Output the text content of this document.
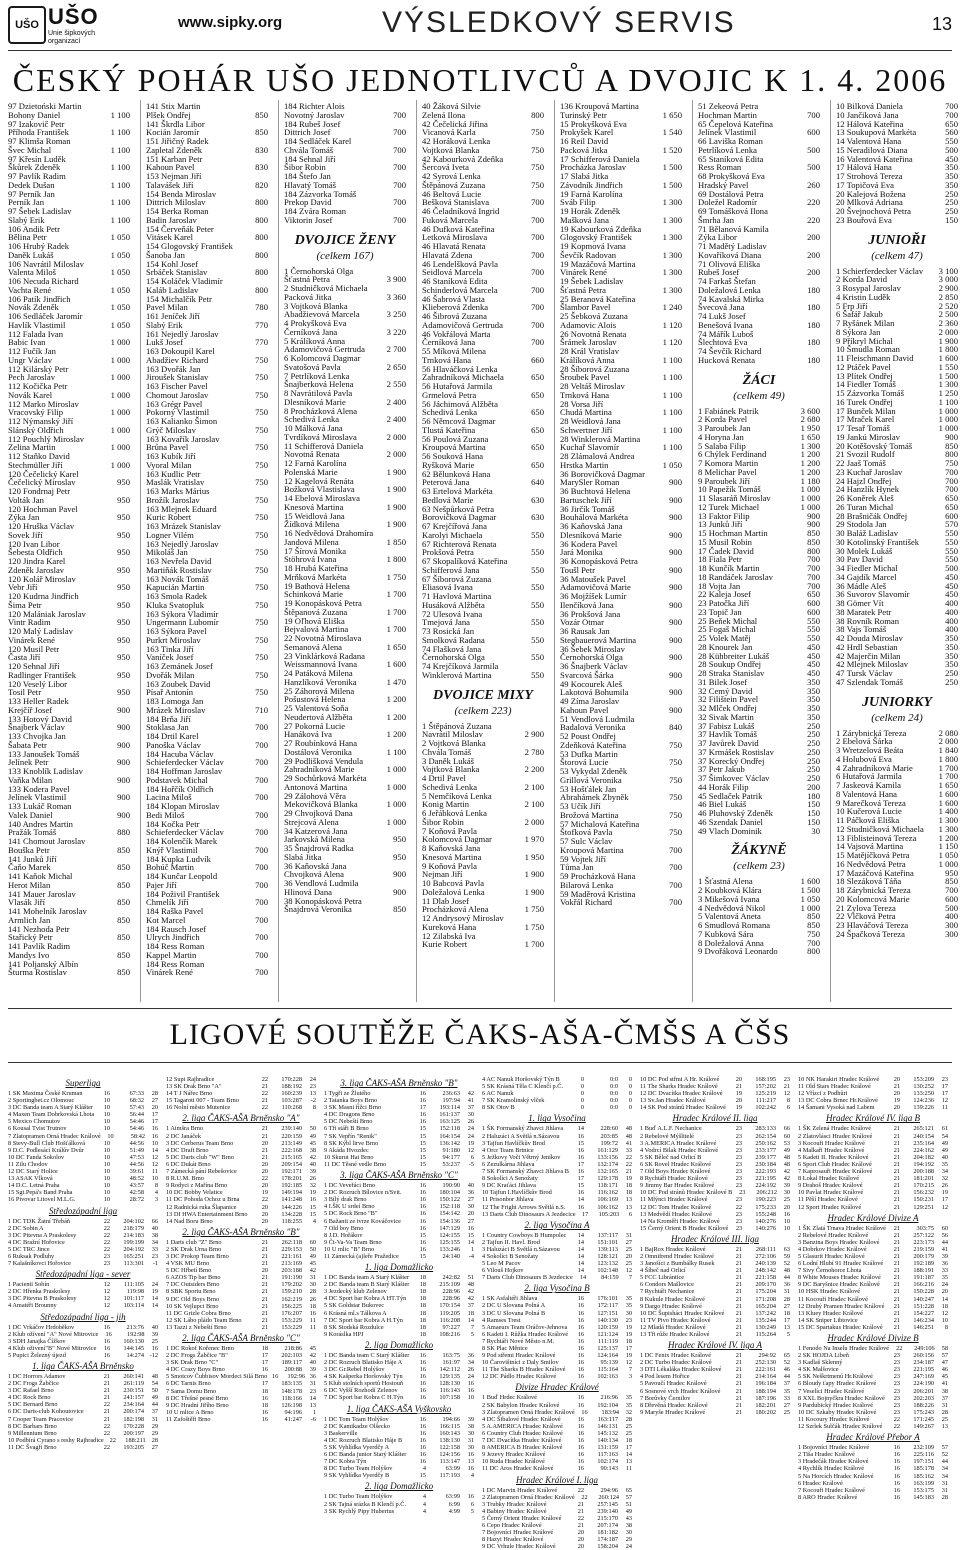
UŠO UŠO
Unie šipkových organizací
www.sipky.org	VÝSLEDKOVÝ SERVIS	13
ČESKÝ POHÁR UŠO JEDNOTLIVCŮ A DVOJIC K 1. 4. 2006
97 Dzietoński Martin
Bohony Daniel	1 100
97 Izakovič Petr
Příhoda František	1 100
97 Klimša Roman
Švec Michal	1 100
97 Křesín Luděk
Škůrek Zdeněk	1 100
97 Pavlík Radim
Dedek Dušan	1 100
97 Perník Jan
Perník Jan	1 100
97 Šebek Ladislav
Slabý Erik	1 100
106 Andik Petr
Bělina Petr	1 050
106 Hrubý Radek
Daněk Lukáš	1 050
106 Navrátil Miloslav
Valenta Miloš	1 050
106 Necuda Richard
Vachta René	1 050
106 Patík Jindřich
Novák Zdeněk	1 050
106 Sedláček Jaromír
Havlík Vlastimil	1 050
112 Falada Ivan
Babic Ivan	1 000
112 Fučík Jan
Ungr Václav	1 000
112 Kilárský Petr
Pech Jaroslav	1 000
112 Kočička Petr
Novák Karel	1 000
112 Marko Miroslav
Vracovský Filip	1 000
112 Nýmanský Jiří
Slánský Oldřich	1 000
112 Pouchlý Miroslav
Zelina Martin	1 000
112 Staňko David
Stechmüller Jiří	1 000
120 Čečelický Karel
Čečelický Miroslav	950
120 Fondrnaj Petr
Volták Jan	950
120 Hochman Pavel
Zýka Jan	950
120 Hruška Václav
Sovek Jiří	950
120 Ivan Libor
Šebesta Oldřich	950
120 Jindra Karel
Zdeněk Jaroslav	950
120 Kolář Miroslav
Vebr Jiří	950
120 Kudrna Jindřich
Šima Petr	950
120 Malániak Jaroslav
Vintr Radim	950
120 Malý Ladislav
Vinárek René	950
120 Musil Petr
Časta Jiří	950
120 Sehnal Jiří
Radlinger František	950
120 Veselý Libor
Tosil Petr	950
133 Heller Radek
Krejčíř Josef	900
133 Hotový David
Šnajberk Václav	900
133 Chvojka Jan
Šabata Petr	900
133 Janoušek Tomáš
Jelínek Petr	900
133 Knoblík Ladislav
Vaňka Milan	900
133 Kodera Pavel
Jelínek Vlastimil	900
133 Lukáč Roman
Valek Daniel	900
140 Andres Martin
Pražák Tomáš	880
141 Chomout Jaroslav
Bouška Petr	850
141 Junků Jiří
Čaňo Marek	850
141 Kaňok Michal
Herot Milan	850
141 Mauer Jaroslav
Vlasák Jiří	850
141 Mohelník Jaroslav
Armlich Jan	850
141 Nezhoda Petr
Stařický Petr	850
141 Pavlík Radim
Mandys Ivo	850
141 Poljanský Albín
Šturma Rostislav	850
141 Stix Martin
Plšek Ondřej	850
141 Škrdla Libor
Kocián Jaromír	850
151 Jiřičný Radek
Zapletal Zdeněk	830
151 Karban Petr
Kahoun Pavel	830
153 Nejman Jiří
Talavášek Jiří	820
154 Benda Miroslav
Dittrich Miloslav	800
154 Berka Roman
Badin Jaroslav	800
154 Červeňák Peter
Vitásek Karel	800
154 Glogovský František
Šanoba Jan	800
154 Kohl Josef
Srbáček Stanislav	800
154 Koláček Vladimír
Kaláb Ladislav	800
154 Michalčík Petr
Pavel Milan	780
161 Jeníček Jiří
Slabý Erik	770
161 Nejedlý Jaroslav
Lukš Josef	770
163 Dokoupil Karel
Abadžiev Richard	750
163 Dvořák Jan
Jiroušek Stanislav	750
163 Fischer Pavel
Chomout Jaroslav	750
163 Grégr Pavel
Pokorný Vlastimil	750
163 Kalianko Šimon
Grýč Miloslav	750
163 Kovařík Jaroslav
Brůna Pavel	750
163 Kubík Jiří
Vyoral Milan	750
163 Kudlic Petr
Maslák Vratislav	750
163 Marks Márius
Brožík Jaroslav	750
163 Mlejnek Eduard
Kuric Robert	750
163 Mrázek Stanislav
Logner Vilém	750
163 Nejedlý Jaroslav
Mikoláš Jan	750
163 Nevřela David
Martiňák Rostislav	750
163 Novák Tomáš
Kapucián Martin	750
163 Smola Radek
Kluka Svatopluk	750
163 Sýkora Vladimír
Ungermann Lubomír	750
163 Sýkora Pavel
Purkrt Miroslav	750
163 Tinka Jiří
Vaníček Josef	750
163 Zemánek Josef
Dvořák Milan	750
163 Zoubek David
Písař Antonín	750
183 Lomoga Jan
Mrázek Miroslav	710
184 Brňa Jiří
Stoklasa Jan	700
184 Drtil Karel
Panoška Václav	700
184 Hacuba Václav
Schieferdecker Václav	700
184 Hoffman Jaroslav
Podstavek Michal	700
184 Hořčík Oldřich
Lacina Miloš	700
184 Klopan Miroslav
Bedi Miloš	700
184 Kočka Petr
Schieferdecker Václav	700
184 Kolenčík Marek
Knýř Vlastimil	700
184 Kupka Ludvík
Bohúč Martin	700
184 Kunčar Leopold
Pajer Jiří	700
184 Poživil František
Chmelík Jiří	700
184 Raška Pavel
Kot Marcel	700
184 Rausch Josef
Ulrych Jindřich	700
184 Ress Roman
Kappel Martin	700
184 Ress Roman
Vinárek René	700
184 Richter Alois
Novotný Jaroslav	700
184 Rubeš Josef
Dittrich Josef	700
184 Sedláček Karel
Chvála Tomáš	700
184 Sehnal Jiří
Šibor Robin	700
184 Štefo Jan
Hlavatý Tomáš	700
184 Zázvorka Tomáš
Prekop David	700
184 Zvára Roman
Viktorin Josef	700
DVOJICE ŽENY
(celkem 167)
1 Černohorská Olga
Šťastná Petra	3 900
2 Studničková Michaela
Packová Jitka	3 360
3 Vojtková Blanka
Abadžievová Marcela	3 250
4 Prokyšková Eva
Černíková Jana	3 220
5 Králíková Anna
Adamovičová Gertruda	2 700
6 Kolomcová Dagmar
Svatošová Pavla	2 650
7 Petrlíková Lenka
Šnajberková Helena	2 550
8 Navrátilová Pavla
Dlesníková Marie	2 400
8 Procházková Alena
Schedivá Lenka	2 400
10 Málková Jana
Tvrdíková Miroslava	2 000
11 Schifferová Daniela
Novotná Renata	2 000
12 Farná Karolína
Polenská Marie	1 900
12 Kagelová Renáta
Božková Vlastislava	1 900
14 Ebelová Miroslava
Knesová Martina	1 900
15 Weidlová Jana
Žídková Milena	1 900
16 Nedvědová Drahomíra
Jandová Milena	1 850
17 Šírová Monika
Stöhrová Ivana	1 800
18 Hrubá Kateřina
Mrňková Markéta	1 750
19 Bathová Helena
Schinková Marie	1 700
19 Konopásková Petra
Štěpanová Zuzana	1 700
19 Oľhová Eliška
Bejvalová Martina	1 700
22 Novotná Miroslava
Semanová Alena	1 650
23 Vinklárková Radana
Weissmannová Ivana	1 600
24 Patáková Milena
Hanzlíková Veronika	1 470
25 Záhorová Milena
Pošustová Helena	1 200
25 Valentová Soňa
Neudertová Alžběta	1 200
27 Pokorná Lucie
Hanáková Iva	1 200
27 Roubínková Hana
Dostálová Veronika	1 100
29 Podlišková Vendula
Zahradníková Marie	1 000
29 Sochůrková Markéta
Antonová Martina	1 000
29 Zálohová Věra
Mekovičková Blanka	1 000
29 Chvojková Dana
Strejcová Alena	1 000
34 Katzerová Jana
Jarkovská Milena	950
35 Šnajdrová Radka
Slabá Jitka	950
36 Kaňovská Jana
Chvojková Alena	900
36 Vendlová Ludmila
Hlinová Dana	900
38 Konopásková Petra
Šnajdrová Veronika	850
40 Žáková Silvie
Zelená Ilona	800
42 Čečelická Jiřina
Vicanová Karla	750
42 Horáková Lenka
Vojtková Blanka	750
42 Kabourková Zdeňka
Šercová Iveta	750
42 Syrová Lenka
Štěpánová Zuzana	750
46 Beltová Lucie
Bešková Stanislava	700
46 Čeladníková Ingrid
Fuková Marcela	700
46 Dufková Kateřina
Letková Miroslava	700
46 Hlavatá Renata
Hlavatá Zdena	700
46 Lendelšková Pavla
Seidlová Marcela	700
46 Staníková Edita
Schinderlová Marcela	700
46 Šabrová Vlasta
Klieberová Zdenka	700
46 Šibrová Zuzana
Adamovičová Gertruda	700
46 Vokřálová Marta
Černíková Jana	700
55 Míková Milena
Trnková Hana	660
56 Hlaváčková Lenka
Zahradníková Michaela	650
56 Hutařová Jarmila
Grmelová Petra	650
56 Jáchimová Alžběta
Schedivá Lenka	650
56 Němcová Dagmar
Tlustá Kateřina	650
56 Poulová Zuzana
Kroupová Martina	650
56 Souková Hana
Ryšková Marie	650
62 Bělunková Hana
Peterová Jana	640
63 Ertelová Markéta
Bedlová Marie	630
63 Nešpůrková Petra
Borovičková Dagmar	630
67 Krejčířová Jana
Karolyi Michaela	550
67 Richterová Renata
Prokšová Petra	550
67 Skopalíková Kateřina
Schifferová Jana	550
67 Šíborová Zuzana
Eliasová Ivana	550
71 Havlová Martina
Husáková Alžběta	550
72 Ulesová Ivana
Tmejová Jana	550
73 Rosická Jan
Smolková Radana	550
74 Flašková Jana
Černohorská Olga	550
74 Krejčíková Jarmila
Winklerová Martina	550
DVOJICE MIXY
(celkem 223)
1 Štěpánová Zuzana
Navrátil Miloslav	2 900
2 Vojtková Blanka
Chvála Tomáš	2 780
3 Daněk Lukáš
Vojtková Blanka	2 200
4 Drtil Pavel
Schedivá Lenka	2 100
5 Nemčíková Lenka
Konig Martin	2 100
6 Jeřábková Lenka
Šibor Robin	2 000
7 Koňová Pavla
Kolomcová Dagmar	1 970
8 Kaňovská Jana
Knesová Martina	1 950
9 Koňová Pavla
Nejman Jiří	1 900
10 Babcová Pavla
Doležalová Lenka	1 900
11 Dlab Josef
Procházková Alena	1 750
12 Andrysový Miroslav
Kureková Hana	1 750
12 Zilabská Iva
Kurie Robert	1 700
136 Kroupová Martina
Turinský Petr	1 650
15 Prokyšková Eva
Prokyšek Karel	1 540
16 Reil David
Packová Jitka	1 520
17 Schifferová Daniela
Procházka Jaroslav	1 500
17 Slabá Jitka
Závodník Jindřich	1 500
19 Farná Karolína
Sváb Filip	1 300
19 Horák Zdeněk
Mašková Jana	1 300
19 Kabourková Zdeňka
Glogovský František	1 300
19 Kopmová Ivana
Ševčík Radovan	1 300
19 Mazáčová Martina
Vinárek René	1 300
19 Šebek Ladislav
Šťastná Petra	1 300
25 Beranová Kateřina
Šlambor Pavel	1 240
25 Šebková Zuzana
Adamovic Alois	1 120
26 Novotná Renata
Šrámek Jaroslav	1 120
28 Král Vratislav
Králíková Anna	1 100
28 Šíborová Zuzana
Šroubek Pavel	1 100
28 Veltáš Miroslav
Trnková Hana	1 100
28 Vorsa Jiří
Chudá Martina	1 100
28 Weidlová Jana
Schwertner Jiří	1 100
28 Winklerová Martina
Kuchař Slavomír	1 100
28 Zlámalová Andrea
Hrstka Martin	1 050
36 Borovičková Dagmar
MarySler Roman	900
36 Buchtová Helena
Bartuschek Jiří	900
36 Jirčík Tomáš
Bouhálová Markéta	900
36 Kaňovská Jana
Dlesníková Marie	900
36 Kodera Pavel
Jará Monika	900
36 Konopásková Petra
Toušl Petr	900
36 Matoušek Pavel
Adamovičová Marie	900
36 Mojžíšek Lumír
Ilenčíková Jana	900
36 Prokšová Jana
Vozár Otmar	900
36 Rausak Jan
Stegbauerová Martina	900
36 Šebek Miroslav
Černohorská Olga	900
36 Šnajberk Václav
Svarcová Šárka	900
49 Kocourek Aleš
Lakotová Bohumila	900
49 Zíma Jaroslav
Kahoun Pavel	900
51 Vendlová Ludmila
Badalová Veronika	840
52 Poust Ondřej
Zdeňková Kateřina	750
53 Dufka Martin
Štorová Lucie	750
53 Vykydal Zdeněk
Grillová Veronika	750
53 Hošťálek Jan
Abrahámek Zbyněk	750
53 Učík Jiří
Brožová Martina	750
57 Michalová Kateřina
Štofková Pavla	750
57 Sulc Václav
Kroupová Martina	700
59 Vojtek Jiří
Tůma Jan	700
59 Procházková Hana
Bilarová Lenka	700
59 Maděrová Kristina
Vokřál Richard	700
51 Zekeová Petra
Hochman Martin	700
65 Čepelová Kateřina
Jelínek Vlastimil	600
66 Laviška Roman
Petrlíková Lenka	500
65 Staníková Edita
Ress Roman	500
68 Prokyšková Eva
Hradský Pavel	260
69 Dostálová Petra
Doležel Radomír	220
69 Tomášková Ilona
Šmrha Jan	220
71 Bělanová Kamila
Zýka Libor	200
71 Madětý Ladislav
Kovaříková Diana	200
71 Olivová Eliška
Rubeš Josef	200
74 Farkaš Štefan
Doležalová Lenka	180
74 Kavalská Mirka
Švecová Jana	180
74 Lukš Josef
Benešová Ivana	180
74 Mářík Luboš
Šlechtová Eva	180
74 Ševčík Richard
Hucková Renata	180
ŽÁCI
(celkem 49)
1 Fabiánek Patrik	3 600
2 Korda Pavel	2 680
3 Paroubek Jan	1 950
4 Horyna Jan	1 650
5 Salaba Filip	1 300
6 Chýlek Ferdinand	1 200
7 Komora Martin	1 200
8 Melichar Pavel	1 200
9 Paroubek Jiří	1 180
10 Papežík Tomáš	1 000
11 Slasaráň Miroslav	1 000
12 Turek Michael	1 000
13 Faktor Filip	900
13 Junků Jiří	900
15 Hochman Martin	850
15 Musil Robin	850
17 Čadek David	800
18 Fiala Petr	700
18 Kunčík Martin	700
18 Randáček Jaroslav	700
18 Vojta Jan	700
22 Kaleja Josef	650
23 Patočka Jiří	600
23 Topič Jan	600
25 Beňek Michal	550
25 Fogaš Michal	550
25 Volek Matěj	550
28 Knourek Jan	450
28 Kühbreiter Lukáš	450
28 Soukup Ondřej	450
28 Straka Stanislav	450
31 Bilek Josef	350
32 Cemý David	350
32 Filištein Pavel	350
32 Mlček Ondřej	350
32 Sivak Martin	350
37 Fabisz Lukáš	250
37 Havlík Tomáš	250
37 Javůrek David	250
37 Krmášek Rostislav	250
37 Korecký Ondřej	250
37 Petr Jakub	250
37 Šimkovec Václav	250
44 Horák Filip	200
45 Sedlaček Patrik	180
46 Biel Lukáš	150
46 Pluhovský Zdeněk	150
46 Szendak Daniel	150
49 Vlach Dominik	30
ŽÁKYNĚ
(celkem 23)
1 Šťastná Alena	1 600
2 Koubková Klára	1 500
3 Mikešová Ivana	1 050
4 Nedvědová Nikol	1 000
5 Valentová Aneta	850
6 Smudlová Romana	850
7 Kubková Sára	750
8 Doležalová Anna	700
9 Dvořáková Leonardo	800
10 Bilková Daniela	700
10 Jančiková Jana	700
12 Hálová Kateřina	650
13 Soukupová Markéta	560
14 Valentová Hana	550
15 Neradilová Diana	500
16 Valentová Kateřina	450
17 Hálová Hana	350
17 Strohová Tereza	350
17 Topičová Eva	350
20 Kalejová Božena	250
20 Mlková Adriana	250
20 Švejnochová Petra	250
23 Bouřová Eva	150
JUNIOŘI
(celkem 47)
1 Schierferdecker Václav 3 100
2 Korda David	3 000
3 Rosypal Jaroslav	2 900
4 Kristin Luděk	2 850
5 Frp Jiří	2 520
6 Šafář Jakub	2 500
7 Ryšánek Milan	2 360
8 Sýkora Jan	2 000
9 Příkryl Michal	1 900
10 Šmudla Roman	1 800
11 Fleischmann David	1 600
12 Ptáček Pavel	1 550
13 Plítek Ondřej	1 500
14 Fiedler Tomáš	1 300
15 Zázvorka Tomáš	1 250
16 Turek Ondřej	1 100
17 Bunček Milan	1 000
17 Mraček Karel	1 000
17 Tesař Tomáš	1 000
19 Jankú Miroslav	900
20 Kotěšovský Tomáš	850
21 Svozil Rudolf	800
22 Jaaš Tomáš	750
23 Kuchař Jaroslav	700
24 Hajzl Ondřej	700
24 Hanzlík Hynek	700
26 Koněrek Aleš	650
26 Turan Michal	650
28 Brašničák Ondřej	600
29 Stodola Jan	570
30 Baláž Ladislav	550
30 Kotolinský František	550
30 Molek Lukáš	550
30 Pav David	550
34 Fiedler Michal	500
34 Gajdík Marcel	450
36 Mádle Aleš	450
36 Suvorov Slavomír	450
38 Gömer Vít	400
38 Maratek Petr	400
38 Rovník Roman	400
38 Vajs Tomáš	400
42 Douda Miroslav	350
42 Hrdl Sebastian	350
42 Majerčin Milan	350
42 Mlejnek Miloslav	350
47 Tursk Václav	250
47 Szlendak Tomáš	250
JUNIORKY
(celkem 24)
1 Zárybnická Tereza	2 080
2 Ebelová Šárka	2 000
3 Wretzelová Beáta	1 840
4 Holubová Eva	1 800
4 Zahradníková Marie	1 700
6 Hutařová Jarmila	1 700
7 Jaskeová Kamila	1 650
8 Valentová Hana	1 600
9 Marečková Tereza	1 600
10 Kučerová Lucie	1 400
11 Páčková Eliška	1 300
12 Studničková Michaela 1 300
13 Fiblisteinová Tereza	1 200
14 Vajsová Martina	1 150
15 Matějíčková Petra	1 050
16 Nedvědová Petra	1 000
17 Mazáčová Kateřina	950
18 Slezáková Táňa	850
18 Zárybnická Tereza	700
20 Kolomcová Marie	600
21 Zylova Tereza	500
22 Vlčková Petra	400
23 Hlaváčová Tereza	300
24 Špačková Tereza	300
LIGOVÉ SOUTĚŽE ČAKS-AŠA-ČMŠS A ČŠS
Superliga
1 SK Maxima České Kruman	16	67:33	28
2 Sportingbet.cz Olomouc	10	68:32	27
3 DC Banda team A Starý Klášter	10	57:43	20
4 Maxen Team Dobrkovská Lhota	10	56:44	17
5 Mexico Chomutov	10	54:46	17
6 Kousal Tvist Trutnov	10	54:46	16
7 Zlatopramen Orná Hradec Králové	10	58:42	16
8 Stevy-Bull Club Hošťálková	10	44:56	10
9 D.C. Podlesácí Králův Dvůr	10	51:49	14
10 DC Fanda Sokolov	10	47:53	12
11 Zilu Chodov	10	44:56	12
12 DC Starý Holice	10	39:61	11
13 ASAK Vlková	10	48:52	10
14 D.C. Letná Praha	10	43:57	8
15 Sgt.Pepá's Band Praha	10	42:58	4
16 Pivovar Litovel M.L.G.	10	28:72	3
Středozápadní liga
1 DC TDK Žatní Třebáň	22	204:102	66
2 DC Sobin A	22	218:179	40
3 DC Pitevna A Praskolesy	22	214:183	38
4 DC Bražní Hořovice	22	199:199	34
5 DC TRC Jince	22	204:192	33
6 Ruksak Podluhy	23	165:251	23
7 Kalašníkovci Hořovice	23	113:301	-1
Středozápadní liga - sever
1 Pacienti Sobín	12	111:105	24
2 DC Hřenka Praskolesy	12	119:98	19
3 DC Pitevna B Praskolesy	12	101:117	14
4 Amatéři Brounny	12	103:114	14
Středozápadní liga - jih
1 DC Vrkáčov Hrdoběkov	16	213:76	40
2 Klub ožívení "A" Nové Mitrovice	16	192:98	39
3 SDH Janajka Čížkov	16	160:130	25
4 Klub oživení"B" Nové Mitrovice	16	144:145	16
5 Pupici Železný újezd	16	14:274 -12
1. liga ČAKS-AŠA Brněnsko
1 DC Horrors Adamov	21	260:141	48
2 DC Frogs Žabčice	21	261:119	54
3 DC Rafael Brno	21	230:151	50
4 DC Rock Brno	21	241:157	49
5 DC Bernard Brno	22	234:164	44
6 DC Darts-club Kohoutovice	21	200:174	37
7 Cooper Team Pracovice	21	182:198	31
8 DC Barbars Brno	22	170:228	29
9 Millennium Brno	22	200:197	29
10 Podbírá Cyrano s reshy Rajhradice 22	188:211 28
11 DC Švagři Brno	22	193:205	27
12 Supi Rajhradice	22	170:228	24
13 SK Drak Brno "A"	21	188:192	23
14 T J Nářec Brno	22	160:239	13
15 Tagaroti 007 - Team Brno	21	103:287	-2
16 Nolní město Mutenice	22	110:268	8
2. liga ČAKS-AŠA Brněnsko "A"
1 Aimšra Brno	21	239:140	50
2 DC Janáček	21	220:159	49
3 DC Cerberus Team Brno	20	213:149	45
4 DC Draft Brno	21	222:168	38
5 DC Darts club "W" Brno	21	215:165	42
6 DC Dukát Brno	20	209:154	40
7 Zámecká pání Rebešovice	20	192:171	39
8 R.U.M. Brno	22	178:201	26
9 Rodyci z Mařína Brno	20	192:185	32
10 DC Bobby Velatice	19	149:194	19
11 DC Pohoda Ochoz u Brna	22	141:248	16
12 Radnická ruka Šlapanice	20	144:226	15
13 DI HWA Entertainment Brno	20	134:228	15
14 Nad Boru Brno	20	118:255	4
2. liga ČAKS-AŠA Brněnsko "B"
1 Darts club "Z" Brno	21	262:118	60
2 SK Drak Urna Brno	21	229:153	50
3 DC Prokop Team Brno	21	221:161	49
4 VSK MU Brno	21	213:169	45
5 DC Hřbetí Brno	20	203:188	42
6 AZOS Tip bar Brno	21	191:190	31
7 DC Outsiders Brno	21	179:202	30
8 SBK Sportu Brno	21	159:210	28
9 DC Old Boys Brno	21	162:219	26
10 SK Vejlupci Brno	21	156:225	18
11 DC Grizle Cobra Brno	21	176:207	16
12 SK Lábo pládo Team Brno	21	153:229	11
13 Tazzi z Nebeští Brno	21	153:229	11
2. liga ČAKS-AŠA Brněnsko "C"
1 DC Rokof Kořenec Brno	18	218:86	45
2 DC Frogs Žabčice "B"	17	202:103	42
3 SK Drak Brno "C"	17	189:117	40
4 DC Crazy Boys Brno	16	200:88	39
5 Smotcov Čubbisov Mordeci Silá Brno 16	192:96 36
6 DC Tarnis Brno	17	183:135	31
7 Sama Domu Brno	18	148:178	23
8 DC Třešné pesné Brno	16	118:166	14
9 DC Hradní Jiřího Brno	18	126:198	13
10 U mlice A Brno	16	94:196	1
11 Zafoštěři Brno	16	41:247	-6
3. liga ČAKS-AŠA Brněnsko "B"
1 Tygři ze Žlutého	16	236:63	42
2 Tatanka Boys Brno	16	197:94	41
3 SK Masni řížci Brno	17	193:114	37
4 DC Dragons Brno	16	161:137	30
5 DC Nebeští Brno	16	163:125	26
6 Tři stáři B Brno	15	152:118	24
7 SK Vepřín "Renik"	15	164:154	24
8 SK Kýbl lirve Brno	15	136:142	19
9 Akáda Hvozdec	15	91:180	12
10 Skurut Hai Brno	15	94:177	6
11 DC Těsné vedle Brno	15	53:237	-5
3. liga ČAKS-AŠA Brněnsko "C"
1 DC Veveřáci Brno	16	190:90	40
2 DC Rozruch Bílovice n/Svit.	16	180:104	36
3 Bílý drak Brno	16	150:122	27
4 I.ŠK U srdeí Brno	16	152:118	30
5 DC Rock Brno "B"	16	154:142	20
6 Bažanti ze tvrze Kováčovice	16	154:136	27
7 Old boy Brno	16	147:129	16
8 J.D. Hořákov	15	124:155	15
9 Čt-Va-Va Team Brno	16	125:155	14
10 U mlic "B" Brno	16	133:246	1
11 Zámecká (a)leře Pražedice	15	24:140	-4
1. liga Domažlicko
1 DC Banda team A Starý Klášter	18	242:82	51
2 DC Banda team B Starý Klášter	18	215:109	48
3 Jezdecký klub Zelenov	18	228:96	42
4 DC Sport bar Kobra A HT.Týn	18	228:96	42
5 SK Goldstar Bukovec	18	170:154	37
6 Krásná ml.s Tálkova A	18	119:205	18
7 DC Sport bar Kobra A H.Týn	18	116:208	14
8 SK Stodská Rozdulce	18	97:227	7
9 Koráslka HPJ	18	108:216	5
2. liga Domažlicko
1 DC Banda team C Starý Klášter	16	163:75	36
2 DC Rozruch Blatisko Háje A	16	161:97	34
3 DC Gr.Rebel Holýšov	16	142:112	26
4 SK Kašperka Horšovský Týn	16	129:135	24
5 Klub stolních sportů Hostouň	16	128:130	16
6 DC Vyšší Rozhodí Zelenov	16	116:143	16
7 DC Sport bar Kobra C H.Týn	16	107:158	10
1. liga ČAKS-AŠA Vyškovsko
1 DC Tom Team Holýšov	16	194:66	39
2 DC Kamikadze Olšecko	16	166:115	38
3 Baskerville	16	160:143	30
4 DC Rozruch Blatisko Háje B	16	138:130	31
5 SK Vyhlídka Vyerdčy A	16	122:158	30
6 DC Banda junior Starý Klášter	16	124:156	16
7 DC Kobra Týn	16	113:147	13
8 DC Turbo Team Holýšov	4	63:99	16
9 SK Vyhlídka Vyerdčy B	15	117:193	4
2. liga Domažlicko
1 DC Turbo Team Holýšov	4	63:99	16
2 SK Tajná srázka B Klenčí p.Č.	4	6:99	6
3 SK Rychlý Pipy Hubertus	4	4:99	5
4 AC Nanuk Horšovský Týn B	0	0:0	0
5 SK Krásná Těla C Klenčí p.Č.	0	0:0	0
6 AC Nanuk	0	0:0	0
7 SK Kramolinský vlček	0	0:0	0
8 SK Otov B	0	0:0	0
1. liga Vysočina
1 ŠK Formanský Zhavci Jihlava	14	228:60	48
2 Haluzáci A Světlá n.Sázavou	16	203:85	48
3 Tajfun Havlíčkův Brod	15	199:72	41
4 Orcr Team Brtnice	16	161:129	33
5 Ježkovy Voči Větrný Jeníkov	16	133:156	22
6 Zezulkárna Jihlava	17	132:174	22
7 SK Formanský Zhavci Jihlava B	16	132:165	21
8 Sokolíci A Senožaty	17	129:178	19
9 DC Kraťáci Jihlava	15	118:171	18
10 Tajfun I.Havlíčkův Brod	16	116:162	18
11 Prisonbor Jihlava	14	106:169	13
12 The Fright Arrows Světlá n.S.	16	106:162	13
13 Darts Club Dinosaurs A Jezdecice	17	105:203	6
2. liga Vysočina A
1 Country Cowboys B Humpolec	14	137:117	31
2 Tajfun II. Havl. Brod	14	151:101	27
3 Haluzáci B Světlá n.Sázavou	14	139:113	25
4 Sokolíci B Senožaty	14	128:121	20
5 Leo M Pacov	14	123:132	25
6 Vilouš Hojkov	14	102:148	12
7 Darts Club Dinosaurs B Jezdecice	14	84:159	7
2. liga Vysočina B
1 SK Asfaltéři Jihlava	16	176:101	35
2 DC U Slovana Polná A	16	172:117	35
3 DC U Slovana Polná B	16	127:151	30
4 Ramses Trest	16	140:130	23
5 Amaeurs Team Oráčov-Jehnova	16	120:159	19
6 Kadeti I. Růžka Hradec Králové	16	121:124	19
7 Rychtáři Nové Město n.M.	16	111:119	18
8 SK Plac Měnice	16	125:137	17
9 Pod střemi Hradec Králové	16	124:164	19
10 Čarovištníci z Daly Smilov	16	95:139	12
11 The Sharks B Hradec Králové	16	115:164	7
12 DC Pádlo Hradec Králové	16	102:163	3
Divize Hradec Králové
1 Buď Hrdec Králové	16	216:96	35
2 SK Babylon Hradec Králové	16	192:104	35
3 Zlatopramen Orná Hradec Králové	16	183:94	32
4 DC Šibalové Hradec Králové	16	163:117	28
5 A.AMERICA Hradec Králové	16	146:131	25
6 Country Club Hradec Králové	16	145:132	25
7 DC Dvacítka Hradec Králové	16	140:134	18
8 AMERICA B Hradec Králové	16	131:159	17
9 Jezevy Hradec Králové	16	117:163	14
10 Ruda Hradec Králové	16	102:174	13
11 DC Aros Hradec Králové	16	90:143	11
Hradec Králové I. liga
1 DC Marvin Hradec Králové	22	294:96	65
2 Zlatopramen Orná Hradec Králové	22	260:124	57
3 Trubky Hradec Králové	21	257:145	51
4 Babiny Hradec Králové	21	239:140	49
5 Černý Orient Hradec Králové	22	215:170	43
6 Cepo Hradec Králové	21	207:174	38
7 Bojovníci Hradec Králové	20	181:182	30
8 Hazyi Hradec Králové	20	174:187	29
9 DC Vrhule Hradec Králové	20	158:204	24
10 DC Pod střmi A Hr. Králové	20	168:195	23
11 The Sharks Hradec Králové	21	157:202	21
12 DC Dvacítka Hradec Králové	19	125:219	12
13 Sv.Jan Hradec Králové	20	111:217	8
14 SK Pod stránů Hradec Králové	19	102:242	6
Hradec Králové II. liga
1 Buď A.L.F. Nechanice	23	283:133	66
2 Rebelové Mýšlitelé	23	262:154	60
3 A.MERICA Hradec Králové	23	250:162	53
4 Vodrcí Bilak Hradec Králové	23	233:177	49
5 SK Běleč nad Orlicí B	23	239:177	48
6 SK Rovel Hradec Králové	23	230:184	48
7 Old Boys Hradec Králové	23	222:193	42
8 Rychtáři Hradec Králové	23	221:195	42
9 Jimmy Bar Hradec Králové	23	224:192	39
10 DC Pod stránů Hradec Králové B	23	206:212	30
11 Mlýnci Hradec Králové	23	190:223	25
12 DC Tom Hradec Králové	22	175:233	20
13 Medvědí Hradec Králové	23	155:248	16
14 Na Kroměři Hradec Králové	23	140:276	10
15 Černý Orient B Hradec Králové	23	140:276	10
Hradec Králové III. liga
1 BajRox Hradec Králové	21	268:111	63
2 Omnifrend Hradec Králové	21	272:106	59
3 Janošíci z Bumbálky Rusek	21	240:139	52
4 Šíbeč nad Orlicí	21	248:142	48
5 FCC Librántice	21	221:158	44
6 Condors Mašlovice	21	209:170	36
7 Rychtáři Nechanice	21	175:204	31
8 Kukule Hradec Králové	21	171:208	28
9 Dargo Hradec Králové	21	165:204	27
10 DC Šupisháci Hradec Králové	21	137:242	18
11 TV Pivo Hradec Králové	21	135:244	17
12 Mladá Hradec Králové	21	130:249	13
13 Tři růže Hradec Králové	21	115:264	5
Hradec Králové IV. liga A
1 DC Fenix Hradec Králové	21	294:92	65
2 DC Turbo Hradec Králové	21	252:130	52
3 DTI Lékaláka Hradec Králové	21	222:161	46
4 Pod lesem Hořice	21	214:164	44
5 Pavoučí Hradec Králové	21	196:184	37
6 Sosnové vrch Hradec Králové	21	188:194	35
7 Borůvky Černilov	21	187:196	33
8 Dřevěná Hradec Králové	21	182:201	27
9 Maryše Hradec Králové	21	180:202	25
10 NK Harakiri Hradec Králové	20	153:209	23
11 Old Stars Hradec Králové	21	130:252	17
12 Vřízci z Podhůri	20	133:250	17
13 DC Cobra Brnec Hr.Králové	19	124:236	12
14 Šamani Vysoká nad Labem	20	139:226	11
Hradec Králové IV. liga B
1 ŠK Zelená Hradec Králové	21	265:121	61
2 Zlatovlásci Hradec Králové	21	240:154	54
3 Kocouři Hradec Králové	21	235:164	49
4 Malkaři Hradec Králové	21	224:162	49
5 Kadeti II. Hradec Králové	21	204:182	40
6 Sport Club Hradec Králové	21	194:192	35
7 Kaprosauři Hradec Králové	21	200:188	34
8 Lokal Hradec Králové	21	181:201	32
9 Drahoš Hradec Králové	21	170:215	26
10 Pavlat Hradec Králové	21	156:232	19
11 Pěší Hradec Králové	21	150:231	17
12 Sport Hradec Králové	21	129:251	12
Hradec Králové Divize A
1 ŠK Zlatá Trnava Hradec Králové	21	303:75	60
2 Rebelové Hradec Králové	21	257:122	56
3 Banzina Boys Hradec Králové	21	223:173	44
4 Dobrkov Hradec Králové	21	219:159	41
5 Glasurit Hradec Králové	21	200:179	39
6 Lodní Hlubí 91 Hradec Králové	21	192:189	36
7 Sivy Černohorce Lhota	21	188:191	33
8 White Mouses Hradec Králové	21	191:187	35
9 DC Baryšnice Hradec Králové	21	166:216	24
10 HSK Hradec Králové	21	150:228	20
11 Kocouři Hradec Králové	21	140:247	14
12 Druhý Pramen Hradec Králové	21	151:228	18
13 Kluey Hradec Králové	21	154:227	12
14 SK Sniper Libtovice	21	146:234	10
15 DC Spartakus Hradec Králové	21	146:251	8
Hradec Králové Divize B
1 Fenodo Na Inselu Hradec Králové	22	249:106	58
2 SK HOJDA Libeň	23	260:156	57
3 Kadlaš Sklenný	23	234:187	47
4 SK Malšovice	23	221:195	46
5 SK Neškrtmenú Hr.Králové	23	247:169	45
6 Bloudy ťapy Hradec Králové	23	224:190	41
7 Veselíci Hradec Králové	23	206:201	38
8 XXL Bojnyčkra Hradec Králové	23	202:203	37
9 Pardubický Hradec Králové	23	188:226	31
10 DC Szkaby Hradec Králové	23	175:243	28
11 Kocoury Hradec Králové	22	171:245	25
12 Szrlek Sulčák Hradec Králové	22	149:267	13
Hradec Králové Přebor A
1 Bojovníci Hradec Králové	16	232:109	57
2 Tiša Hradec Králové	16	225:116	52
3 Hradečák Hradec Králové	16	197:151	44
4 Rychlík Hradec Králové	16	185:178	34
5 Na Horcích Hradec Králové	16	185:162	34
6 Hradec Králové	16	163:199	31
7 Kocouři Hradec Králové	16	153:175	31
8 ARO Hradec Králové	16	145:183	28
